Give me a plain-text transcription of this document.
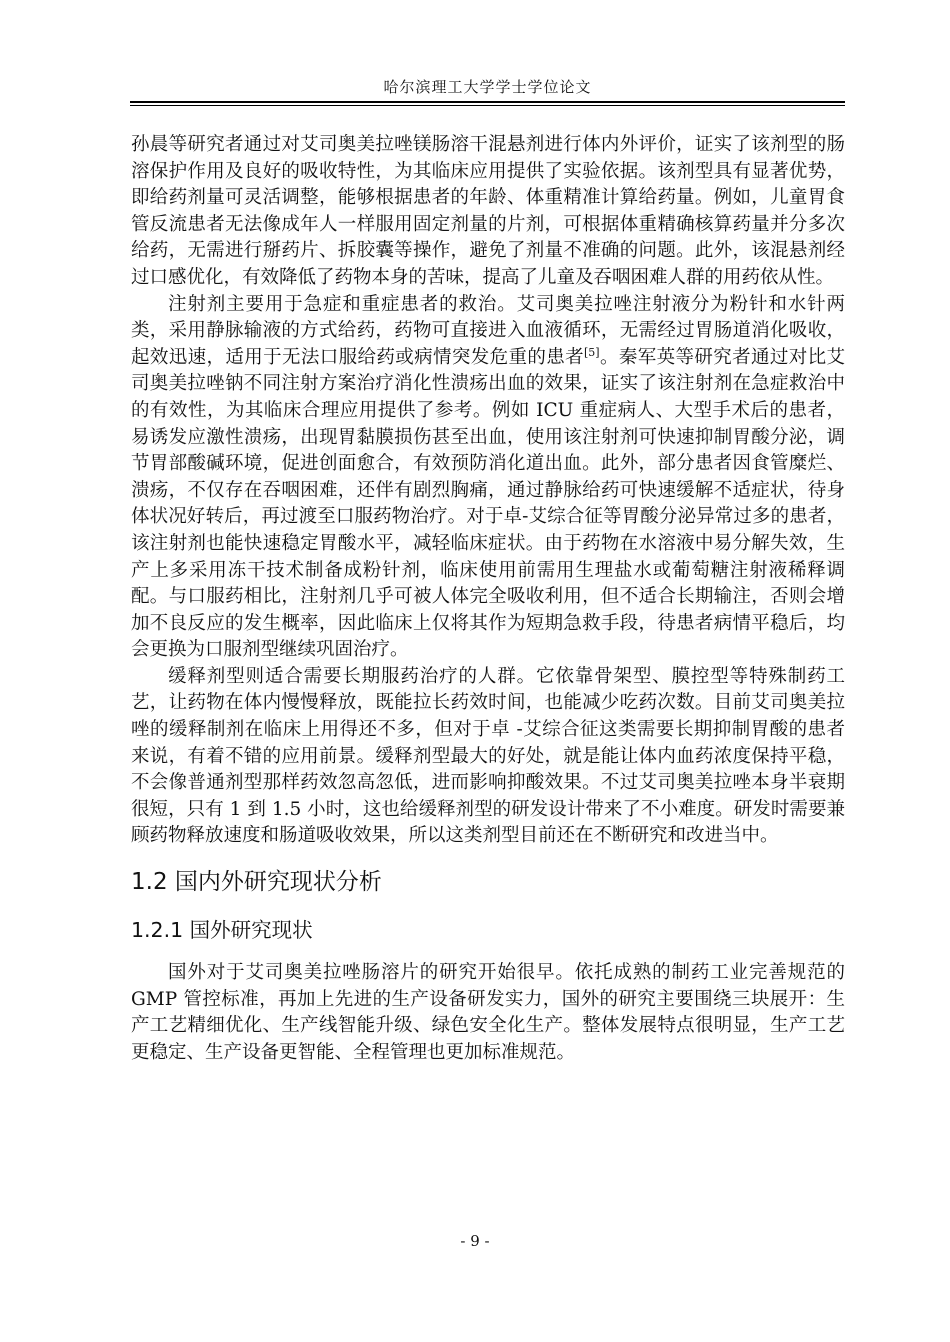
哈尔滨理工大学学士学位论文

孙晨等研究者通过对艾司奥美拉唑镁肠溶干混悬剂进行体内外评价，证实了该剂型的肠溶保护作用及良好的吸收特性，为其临床应用提供了实验依据。该剂型具有显著优势，即给药剂量可灵活调整，能够根据患者的年龄、体重精准计算给药量。例如，儿童胃食管反流患者无法像成年人一样服用固定剂量的片剂，可根据体重精确核算药量并分多次给药，无需进行掰药片、拆胶囊等操作，避免了剂量不准确的问题。此外，该混悬剂经过口感优化，有效降低了药物本身的苦味，提高了儿童及吞咽困难人群的用药依从性。

注射剂主要用于急症和重症患者的救治。艾司奥美拉唑注射液分为粉针和水针两类，采用静脉输液的方式给药，药物可直接进入血液循环，无需经过胃肠道消化吸收，起效迅速，适用于无法口服给药或病情突发危重的患者[5]。秦军英等研究者通过对比艾司奥美拉唑钠不同注射方案治疗消化性溃疡出血的效果，证实了该注射剂在急症救治中的有效性，为其临床合理应用提供了参考。例如 ICU 重症病人、大型手术后的患者，易诱发应激性溃疡，出现胃黏膜损伤甚至出血，使用该注射剂可快速抑制胃酸分泌，调节胃部酸碱环境，促进创面愈合，有效预防消化道出血。此外，部分患者因食管糜烂、溃疡，不仅存在吞咽困难，还伴有剧烈胸痛，通过静脉给药可快速缓解不适症状，待身体状况好转后，再过渡至口服药物治疗。对于卓-艾综合征等胃酸分泌异常过多的患者，该注射剂也能快速稳定胃酸水平，减轻临床症状。由于药物在水溶液中易分解失效，生产上多采用冻干技术制备成粉针剂，临床使用前需用生理盐水或葡萄糖注射液稀释调配。与口服药相比，注射剂几乎可被人体完全吸收利用，但不适合长期输注，否则会增加不良反应的发生概率，因此临床上仅将其作为短期急救手段，待患者病情平稳后，均会更换为口服剂型继续巩固治疗。

缓释剂型则适合需要长期服药治疗的人群。它依靠骨架型、膜控型等特殊制药工艺，让药物在体内慢慢释放，既能拉长药效时间，也能减少吃药次数。目前艾司奥美拉唑的缓释制剂在临床上用得还不多，但对于卓 -艾综合征这类需要长期抑制胃酸的患者来说，有着不错的应用前景。缓释剂型最大的好处，就是能让体内血药浓度保持平稳，不会像普通剂型那样药效忽高忽低，进而影响抑酸效果。不过艾司奥美拉唑本身半衰期很短，只有 1 到 1.5 小时，这也给缓释剂型的研发设计带来了不小难度。研发时需要兼顾药物释放速度和肠道吸收效果，所以这类剂型目前还在不断研究和改进当中。

1.2 国内外研究现状分析
1.2.1 国外研究现状

国外对于艾司奥美拉唑肠溶片的研究开始很早。依托成熟的制药工业完善规范的 GMP 管控标准，再加上先进的生产设备研发实力，国外的研究主要围绕三块展开：生产工艺精细优化、生产线智能升级、绿色安全化生产。整体发展特点很明显，生产工艺更稳定、生产设备更智能、全程管理也更加标准规范。

- 9 -
